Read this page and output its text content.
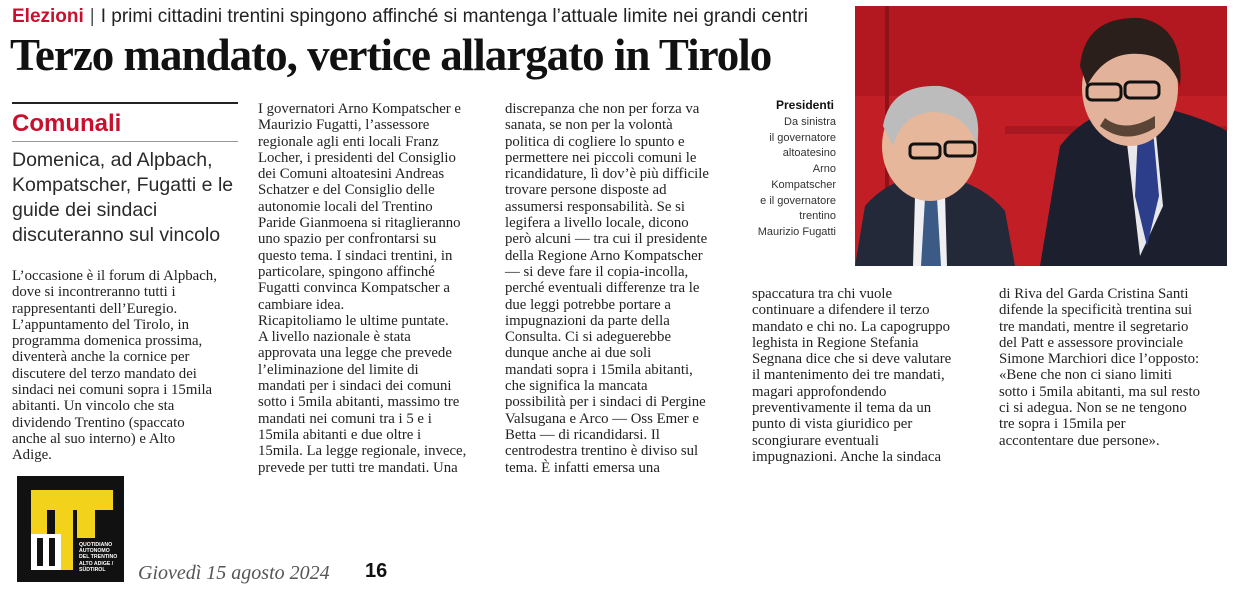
Elezioni | I primi cittadini trentini spingono affinché si mantenga l’attuale limite nei grandi centri
Terzo mandato, vertice allargato in Tirolo
Comunali
Domenica, ad Alpbach, Kompatscher, Fugatti e le guide dei sindaci discuteranno sul vincolo
L’occasione è il forum di Alpbach,
dove si incontreranno tutti i
rappresentanti dell’Euregio.
L’appuntamento del Tirolo, in
programma domenica prossima,
diventerà anche la cornice per
discutere del terzo mandato dei
sindaci nei comuni sopra i 15mila
abitanti. Un vincolo che sta
dividendo Trentino (spaccato
anche al suo interno) e Alto
Adige.
I governatori Arno Kompatscher e
Maurizio Fugatti, l’assessore
regionale agli enti locali Franz
Locher, i presidenti del Consiglio
dei Comuni altoatesini Andreas
Schatzer e del Consiglio delle
autonomie locali del Trentino
Paride Gianmoena si ritaglieranno
uno spazio per confrontarsi su
questo tema. I sindaci trentini, in
particolare, spingono affinché
Fugatti convinca Kompatscher a
cambiare idea.
Ricapitoliamo le ultime puntate.
A livello nazionale è stata
approvata una legge che prevede
l’eliminazione del limite di
mandati per i sindaci dei comuni
sotto i 5mila abitanti, massimo tre
mandati nei comuni tra i 5 e i
15mila abitanti e due oltre i
15mila. La legge regionale, invece,
prevede per tutti tre mandati. Una
discrepanza che non per forza va
sanata, se non per la volontà
politica di cogliere lo spunto e
permettere nei piccoli comuni le
ricandidature, lì dov’è più difficile
trovare persone disposte ad
assumersi responsabilità. Se si
legifera a livello locale, dicono
però alcuni — tra cui il presidente
della Regione Arno Kompatscher
— si deve fare il copia-incolla,
perché eventuali differenze tra le
due leggi potrebbe portare a
impugnazioni da parte della
Consulta. Ci si adeguerebbe
dunque anche ai due soli
mandati sopra i 15mila abitanti,
che significa la mancata
possibilità per i sindaci di Pergine
Valsugana e Arco — Oss Emer e
Betta — di ricandidarsi. Il
centrodestra trentino è diviso sul
tema. È infatti emersa una
spaccatura tra chi vuole
continuare a difendere il terzo
mandato e chi no. La capogruppo
leghista in Regione Stefania
Segnana dice che si deve valutare
il mantenimento dei tre mandati,
magari approfondendo
preventivamente il tema da un
punto di vista giuridico per
scongiurare eventuali
impugnazioni. Anche la sindaca
di Riva del Garda Cristina Santi
difende la specificità trentina sui
tre mandati, mentre il segretario
del Patt e assessore provinciale
Simone Marchiori dice l’opposto:
«Bene che non ci siano limiti
sotto i 5mila abitanti, ma sul resto
ci si adegua. Non se ne tengono
tre sopra i 15mila per
accontentare due persone».
Presidenti
Da sinistra
il governatore
altoatesino
Arno
Kompatscher
e il governatore
trentino
Maurizio Fugatti
QUOTIDIANO
AUTONOMO
DEL TRENTINO
ALTO ADIGE /
SÜDTIROL	Giovedì 15 agosto 2024 16
